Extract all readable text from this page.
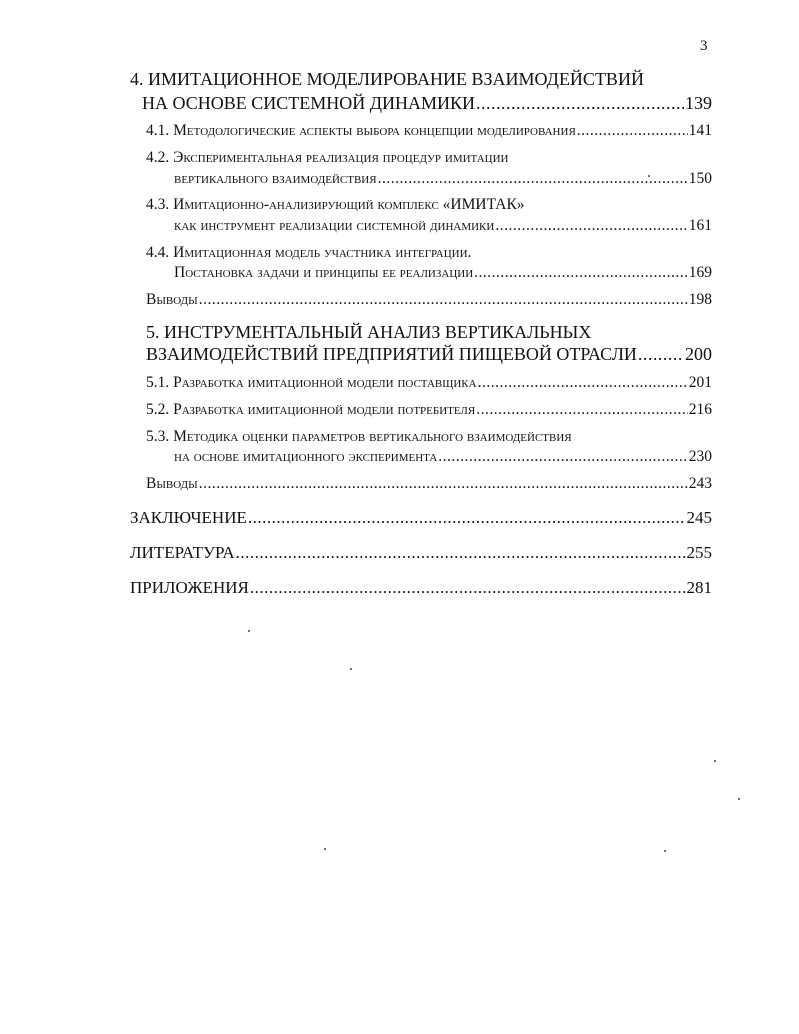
3
4. ИМИТАЦИОННОЕ МОДЕЛИРОВАНИЕ ВЗАИМОДЕЙСТВИЙ
НА ОСНОВЕ СИСТЕМНОЙ ДИНАМИКИ .....	139
4.1. Методологические аспекты выбора концепции моделирования .....	141
4.2. Экспериментальная реализация процедур имитации
вертикального взаимодействия .....	150
4.3. Имитационно-анализирующий комплекс «ИМИТАК»
как инструмент реализации системной динамики .....	161
4.4. Имитационная модель участника интеграции.
Постановка задачи и принципы ее реализации .....	169
Выводы .....	198
5. ИНСТРУМЕНТАЛЬНЫЙ АНАЛИЗ ВЕРТИКАЛЬНЫХ
ВЗАИМОДЕЙСТВИЙ ПРЕДПРИЯТИЙ ПИЩЕВОЙ ОТРАСЛИ .....	200
5.1. Разработка имитационной модели поставщика .....	201
5.2. Разработка имитационной модели потребителя .....	216
5.3. Методика оценки параметров вертикального взаимодействия
на основе имитационного эксперимента .....	230
Выводы .....	243
ЗАКЛЮЧЕНИЕ .....	245
ЛИТЕРАТУРА .....	255
ПРИЛОЖЕНИЯ .....	281
